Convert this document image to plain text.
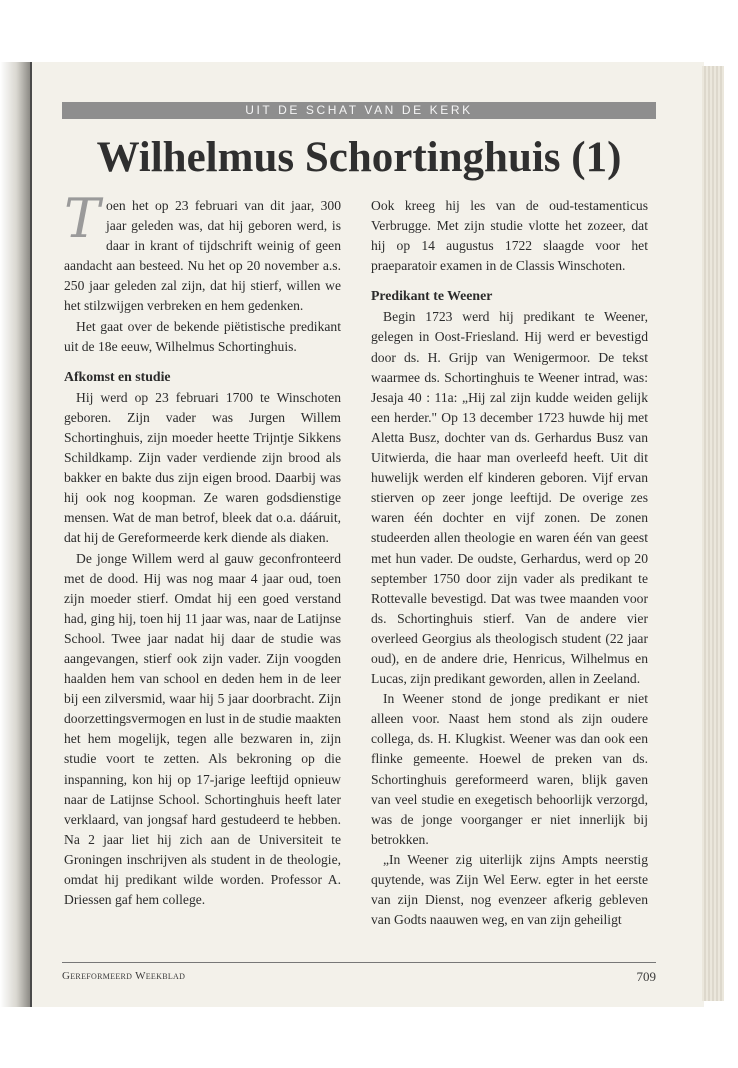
UIT DE SCHAT VAN DE KERK
Wilhelmus Schortinghuis (1)

Toen het op 23 februari van dit jaar, 300 jaar geleden was, dat hij geboren werd, is daar in krant of tijdschrift weinig of geen aandacht aan besteed. Nu het op 20 november a.s. 250 jaar geleden zal zijn, dat hij stierf, willen we het stilzwijgen verbreken en hem gedenken.

Het gaat over de bekende piëtistische predikant uit de 18e eeuw, Wilhelmus Schortinghuis.

Afkomst en studie

Hij werd op 23 februari 1700 te Winschoten geboren. Zijn vader was Jurgen Willem Schortinghuis, zijn moeder heette Trijntje Sikkens Schildkamp. Zijn vader verdiende zijn brood als bakker en bakte dus zijn eigen brood. Daarbij was hij ook nog koopman. Ze waren godsdienstige mensen. Wat de man betrof, bleek dat o.a. dááruit, dat hij de Gereformeerde kerk diende als diaken.

De jonge Willem werd al gauw geconfronteerd met de dood. Hij was nog maar 4 jaar oud, toen zijn moeder stierf. Omdat hij een goed verstand had, ging hij, toen hij 11 jaar was, naar de Latijnse School. Twee jaar nadat hij daar de studie was aangevangen, stierf ook zijn vader. Zijn voogden haalden hem van school en deden hem in de leer bij een zilversmid, waar hij 5 jaar doorbracht. Zijn doorzettingsvermogen en lust in de studie maakten het hem mogelijk, tegen alle bezwaren in, zijn studie voort te zetten. Als bekroning op die inspanning, kon hij op 17-jarige leeftijd opnieuw naar de Latijnse School. Schortinghuis heeft later verklaard, van jongsaf hard gestudeerd te hebben. Na 2 jaar liet hij zich aan de Universiteit te Groningen inschrijven als student in de theologie, omdat hij predikant wilde worden. Professor A. Driessen gaf hem college.

Ook kreeg hij les van de oud-testamenticus Verbrugge. Met zijn studie vlotte het zozeer, dat hij op 14 augustus 1722 slaagde voor het praeparatoir examen in de Classis Winschoten.

Predikant te Weener

Begin 1723 werd hij predikant te Weener, gelegen in Oost-Friesland. Hij werd er bevestigd door ds. H. Grijp van Wenigermoor. De tekst waarmee ds. Schortinghuis te Weener intrad, was: Jesaja 40 : 11a: „Hij zal zijn kudde weiden gelijk een herder." Op 13 december 1723 huwde hij met Aletta Busz, dochter van ds. Gerhardus Busz van Uitwierda, die haar man overleefd heeft. Uit dit huwelijk werden elf kinderen geboren. Vijf ervan stierven op zeer jonge leeftijd. De overige zes waren één dochter en vijf zonen. De zonen studeerden allen theologie en waren één van geest met hun vader. De oudste, Gerhardus, werd op 20 september 1750 door zijn vader als predikant te Rottevalle bevestigd. Dat was twee maanden voor ds. Schortinghuis stierf. Van de andere vier overleed Georgius als theologisch student (22 jaar oud), en de andere drie, Henricus, Wilhelmus en Lucas, zijn predikant geworden, allen in Zeeland.

In Weener stond de jonge predikant er niet alleen voor. Naast hem stond als zijn oudere collega, ds. H. Klugkist. Weener was dan ook een flinke gemeente. Hoewel de preken van ds. Schortinghuis gereformeerd waren, blijk gaven van veel studie en exegetisch behoorlijk verzorgd, was de jonge voorganger er niet innerlijk bij betrokken.

„In Weener zig uiterlijk zijns Ampts neerstig quytende, was Zijn Wel Eerw. egter in het eerste van zijn Dienst, nog evenzeer afkerig gebleven van Godts naauwen weg, en van zijn geheiligt

Gereformeerd Weekblad	709
